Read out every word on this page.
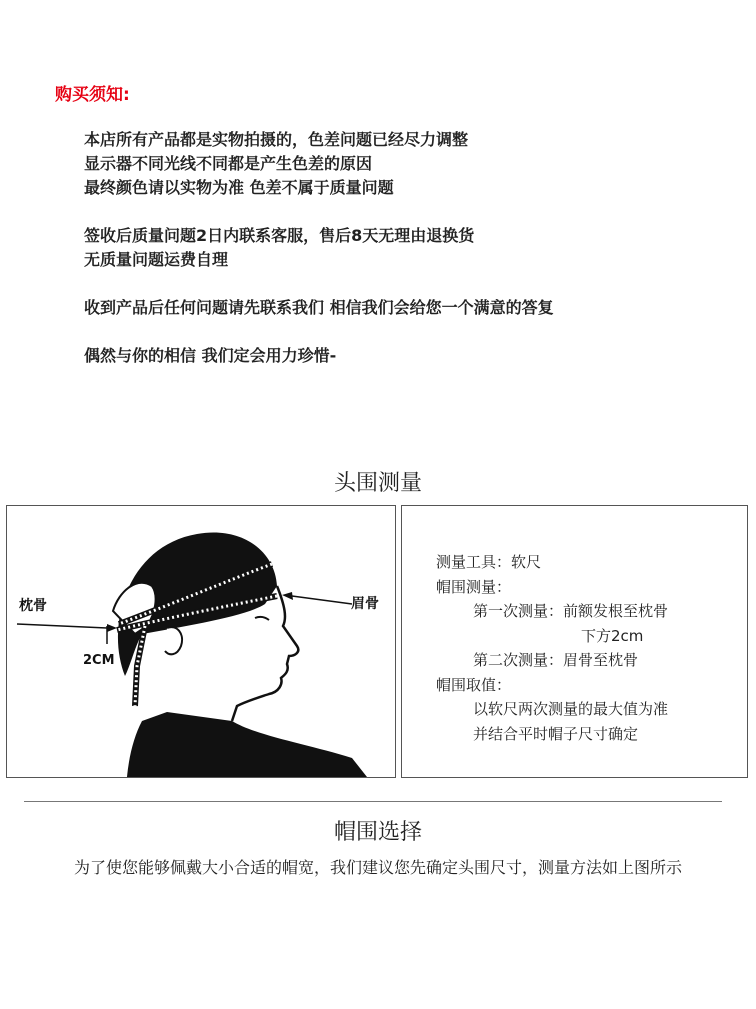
购买须知:
本店所有产品都是实物拍摄的，色差问题已经尽力调整
显示器不同光线不同都是产生色差的原因
最终颜色请以实物为准 色差不属于质量问题
签收后质量问题2日内联系客服，售后8天无理由退换货
无质量问题运费自理
收到产品后任何问题请先联系我们 相信我们会给您一个满意的答复
偶然与你的相信 我们定会用力珍惜-
头围测量
枕骨	眉骨
2CM
测量工具：软尺
帽围测量：
第一次测量：前额发根至枕骨
下方2cm
第二次测量：眉骨至枕骨
帽围取值：
以软尺两次测量的最大值为准
并结合平时帽子尺寸确定
帽围选择
为了使您能够佩戴大小合适的帽宽，我们建议您先确定头围尺寸，测量方法如上图所示
